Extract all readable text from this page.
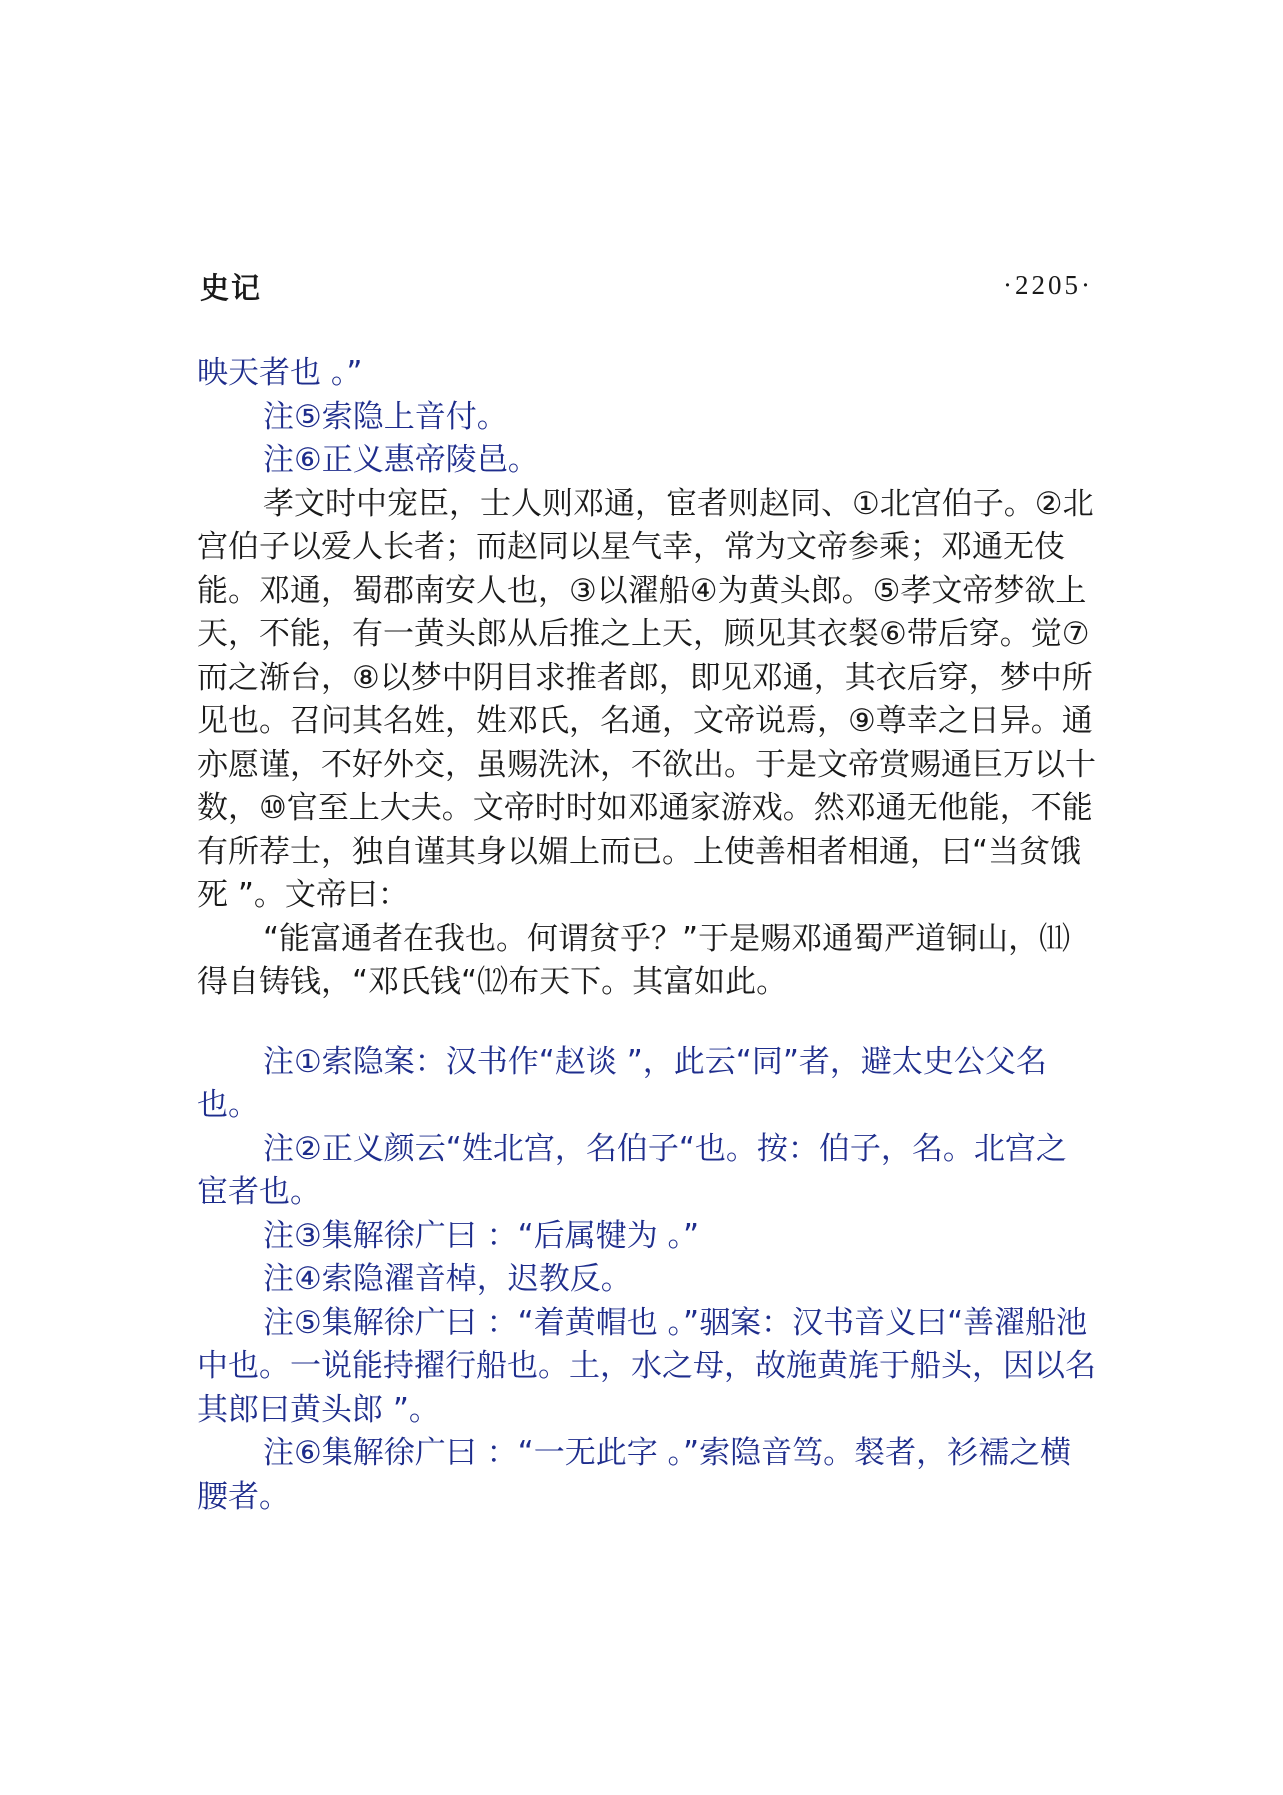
史记	·2205·

映天者也 。”

注⑤索隐上音付。

注⑥正义惠帝陵邑。

孝文时中宠臣，士人则邓通，宦者则赵同、①北宫伯子。②北宫伯子以爱人长者；而赵同以星气幸，常为文帝参乘；邓通无伎能。邓通，蜀郡南安人也，③以濯船④为黄头郎。⑤孝文帝梦欲上天，不能，有一黄头郎从后推之上天，顾见其衣裻⑥带后穿。觉⑦而之渐台，⑧以梦中阴目求推者郎，即见邓通，其衣后穿，梦中所见也。召问其名姓，姓邓氏，名通，文帝说焉，⑨尊幸之日异。通亦愿谨，不好外交，虽赐洗沐，不欲出。于是文帝赏赐通巨万以十数，⑩官至上大夫。文帝时时如邓通家游戏。然邓通无他能，不能有所荐士，独自谨其身以媚上而已。上使善相者相通，曰“当贫饿死 ”。文帝曰：

“能富通者在我也。何谓贫乎？”于是赐邓通蜀严道铜山，⑾得自铸钱，“邓氏钱“⑿布天下。其富如此。

注①索隐案：汉书作“赵谈 ”，此云“同”者，避太史公父名也。

注②正义颜云“姓北宫，名伯子“也。按：伯子，名。北宫之宦者也。

注③集解徐广曰 ：“后属犍为 。”

注④索隐濯音棹，迟教反。

注⑤集解徐广曰 ：“着黄帽也 。”骃案：汉书音义曰“善濯船池中也。一说能持擢行船也。土，水之母，故施黄旄于船头，因以名其郎曰黄头郎 ”。

注⑥集解徐广曰 ：“一无此字 。”索隐音笃。裻者，衫襦之横腰者。
